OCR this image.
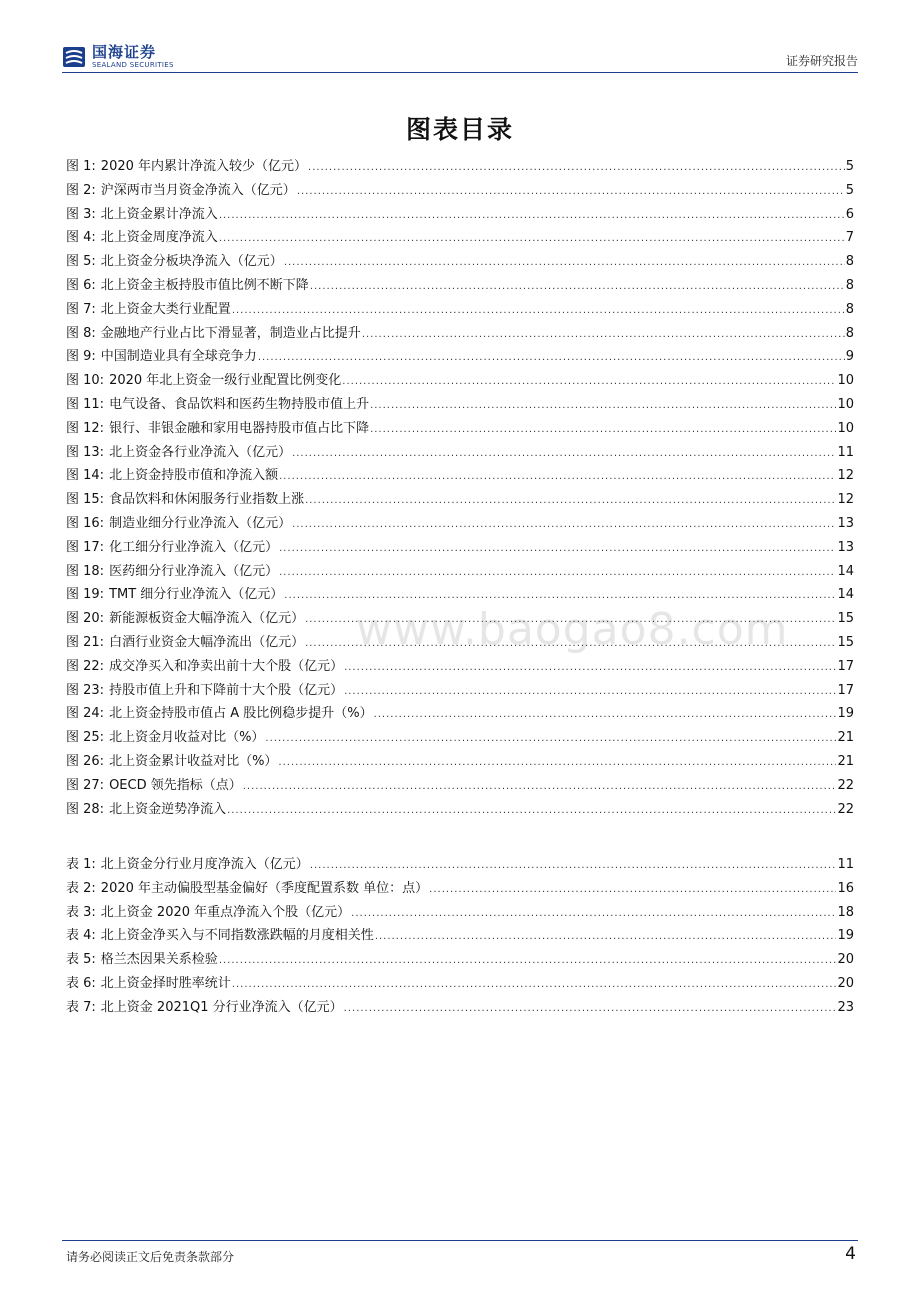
国海证券
SEALAND SECURITIES	证券研究报告
图表目录
www.baogao8.com
图 1: 2020 年内累计净流入较少（亿元） .....	5
图 2: 沪深两市当月资金净流入（亿元） .....	5
图 3: 北上资金累计净流入 .....	6
图 4: 北上资金周度净流入 .....	7
图 5: 北上资金分板块净流入（亿元） .....	8
图 6: 北上资金主板持股市值比例不断下降 .....	8
图 7: 北上资金大类行业配置 .....	8
图 8: 金融地产行业占比下滑显著，制造业占比提升 .....	8
图 9: 中国制造业具有全球竞争力 .....	9
图 10: 2020 年北上资金一级行业配置比例变化 .....	10
图 11: 电气设备、食品饮料和医药生物持股市值上升 .....	10
图 12: 银行、非银金融和家用电器持股市值占比下降 .....	10
图 13: 北上资金各行业净流入（亿元） .....	11
图 14: 北上资金持股市值和净流入额 .....	12
图 15: 食品饮料和休闲服务行业指数上涨 .....	12
图 16: 制造业细分行业净流入（亿元） .....	13
图 17: 化工细分行业净流入（亿元） .....	13
图 18: 医药细分行业净流入（亿元） .....	14
图 19: TMT 细分行业净流入（亿元） .....	14
图 20: 新能源板资金大幅净流入（亿元） .....	15
图 21: 白酒行业资金大幅净流出（亿元） .....	15
图 22: 成交净买入和净卖出前十大个股（亿元） .....	17
图 23: 持股市值上升和下降前十大个股（亿元） .....	17
图 24: 北上资金持股市值占 A 股比例稳步提升（%） .....	19
图 25: 北上资金月收益对比（%） .....	21
图 26: 北上资金累计收益对比（%） .....	21
图 27: OECD 领先指标（点） .....	22
图 28: 北上资金逆势净流入 .....	22
表 1: 北上资金分行业月度净流入（亿元） .....	11
表 2: 2020 年主动偏股型基金偏好（季度配置系数 单位：点） .....	16
表 3: 北上资金 2020 年重点净流入个股（亿元） .....	18
表 4: 北上资金净买入与不同指数涨跌幅的月度相关性 .....	19
表 5: 格兰杰因果关系检验 .....	20
表 6: 北上资金择时胜率统计 .....	20
表 7: 北上资金 2021Q1 分行业净流入（亿元） .....	23
请务必阅读正文后免责条款部分	4
